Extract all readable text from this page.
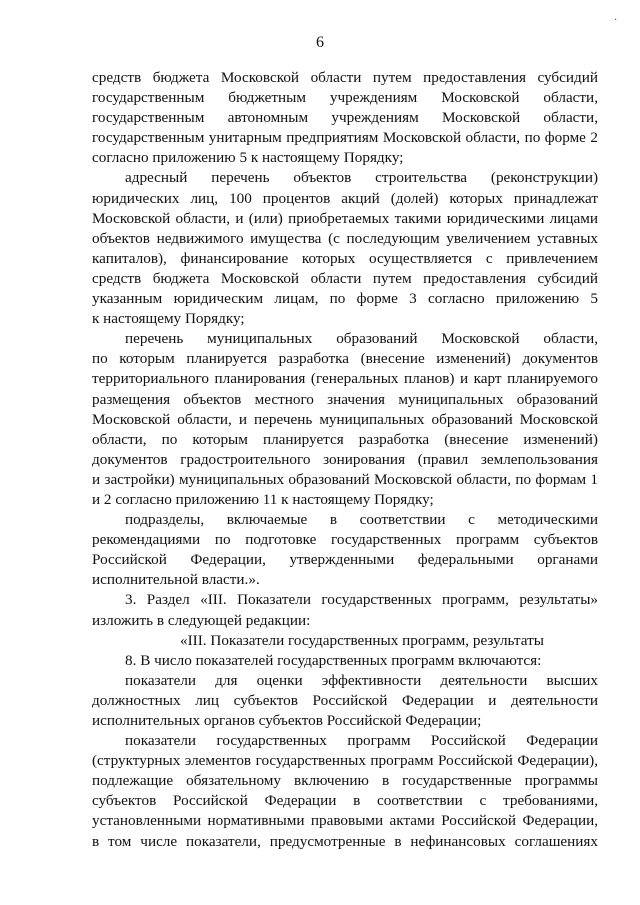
6
средств бюджета Московской области путем предоставления субсидий
государственным бюджетным учреждениям Московской области,
государственным автономным учреждениям Московской области,
государственным унитарным предприятиям Московской области, по форме 2
согласно приложению 5 к настоящему Порядку;
адресный перечень объектов строительства (реконструкции)
юридических лиц, 100 процентов акций (долей) которых принадлежат
Московской области, и (или) приобретаемых такими юридическими лицами
объектов недвижимого имущества (с последующим увеличением уставных
капиталов), финансирование которых осуществляется с привлечением
средств бюджета Московской области путем предоставления субсидий
указанным юридическим лицам, по форме 3 согласно приложению 5
к настоящему Порядку;
перечень муниципальных образований Московской области,
по которым планируется разработка (внесение изменений) документов
территориального планирования (генеральных планов) и карт планируемого
размещения объектов местного значения муниципальных образований
Московской области, и перечень муниципальных образований Московской
области, по которым планируется разработка (внесение изменений)
документов градостроительного зонирования (правил землепользования
и застройки) муниципальных образований Московской области, по формам 1
и 2 согласно приложению 11 к настоящему Порядку;
подразделы, включаемые в соответствии с методическими
рекомендациями по подготовке государственных программ субъектов
Российской Федерации, утвержденными федеральными органами
исполнительной власти.».
3. Раздел «III. Показатели государственных программ, результаты»
изложить в следующей редакции:
«III. Показатели государственных программ, результаты
8. В число показателей государственных программ включаются:
показатели для оценки эффективности деятельности высших
должностных лиц субъектов Российской Федерации и деятельности
исполнительных органов субъектов Российской Федерации;
показатели государственных программ Российской Федерации
(структурных элементов государственных программ Российской Федерации),
подлежащие обязательному включению в государственные программы
субъектов Российской Федерации в соответствии с требованиями,
установленными нормативными правовыми актами Российской Федерации,
в том числе показатели, предусмотренные в нефинансовых соглашениях
·
